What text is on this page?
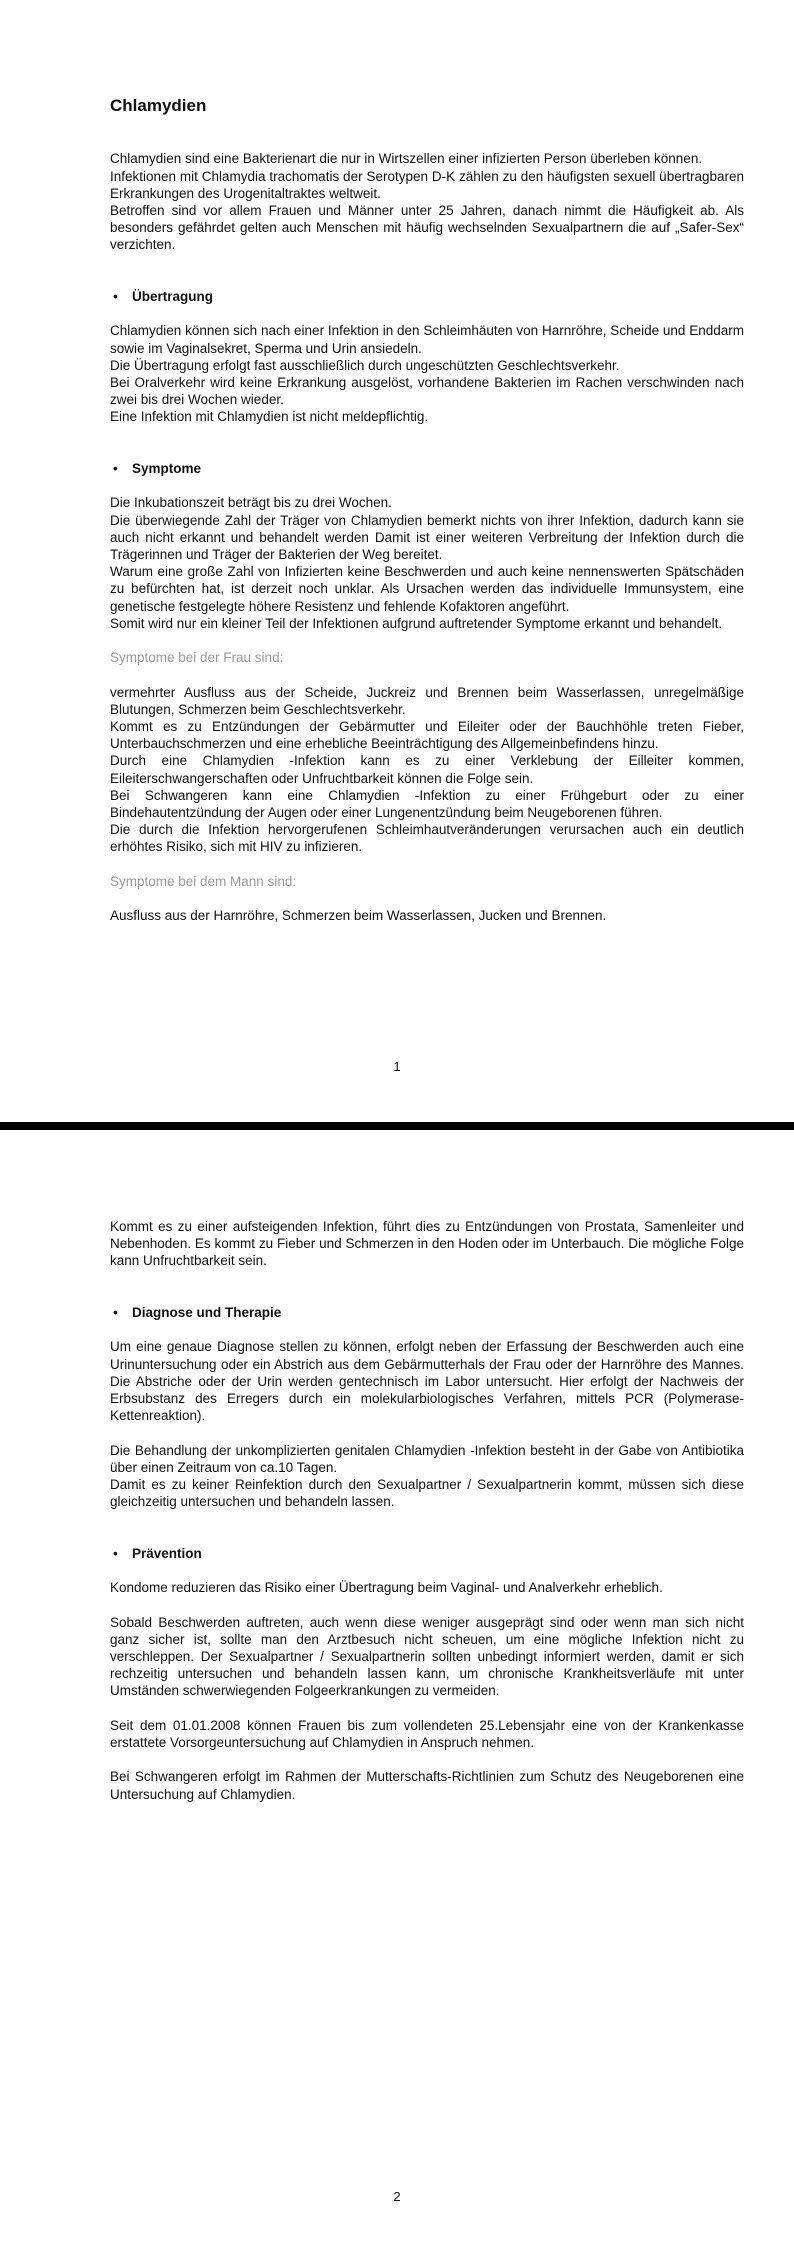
Chlamydien

Chlamydien sind eine Bakterienart die nur in Wirtszellen einer infizierten Person überleben können.

Infektionen mit Chlamydia trachomatis der Serotypen D-K zählen zu den häufigsten sexuell übertragbaren Erkrankungen des Urogenitaltraktes weltweit.

Betroffen sind vor allem Frauen und Männer unter 25 Jahren, danach nimmt die Häufigkeit ab. Als besonders gefährdet gelten auch Menschen mit häufig wechselnden Sexualpartnern die auf „Safer-Sex“ verzichten.

•	Übertragung

Chlamydien können sich nach einer Infektion in den Schleimhäuten von Harnröhre, Scheide und Enddarm sowie im Vaginalsekret, Sperma und Urin ansiedeln.

Die Übertragung erfolgt fast ausschließlich durch ungeschützten Geschlechtsverkehr.

Bei Oralverkehr wird keine Erkrankung ausgelöst, vorhandene Bakterien im Rachen verschwinden nach zwei bis drei Wochen wieder.

Eine Infektion mit Chlamydien ist nicht meldepflichtig.

•	Symptome

Die Inkubationszeit beträgt bis zu drei Wochen.

Die überwiegende Zahl der Träger von Chlamydien bemerkt nichts von ihrer Infektion, dadurch kann sie auch nicht erkannt und behandelt werden Damit ist einer weiteren Verbreitung der Infektion durch die Trägerinnen und Träger der Bakterien der Weg bereitet.

Warum eine große Zahl von Infizierten keine Beschwerden und auch keine nennenswerten Spätschäden zu befürchten hat, ist derzeit noch unklar. Als Ursachen werden das individuelle Immunsystem, eine genetische festgelegte höhere Resistenz und fehlende Kofaktoren angeführt.

Somit wird nur ein kleiner Teil der Infektionen aufgrund auftretender Symptome erkannt und behandelt.

Symptome bei der Frau sind:

vermehrter Ausfluss aus der Scheide, Juckreiz und Brennen beim Wasserlassen, unregelmäßige Blutungen, Schmerzen beim Geschlechtsverkehr.

Kommt es zu Entzündungen der Gebärmutter und Eileiter oder der Bauchhöhle treten Fieber, Unterbauchschmerzen und eine erhebliche Beeinträchtigung des Allgemeinbefindens hinzu.

Durch eine Chlamydien -Infektion kann es zu einer Verklebung der Eilleiter kommen, Eileiterschwangerschaften oder Unfruchtbarkeit können die Folge sein.

Bei Schwangeren kann eine Chlamydien -Infektion zu einer Frühgeburt oder zu einer Bindehautentzündung der Augen oder einer Lungenentzündung beim Neugeborenen führen.

Die durch die Infektion hervorgerufenen Schleimhautveränderungen verursachen auch ein deutlich erhöhtes Risiko, sich mit HIV zu infizieren.

Symptome bei dem Mann sind:

Ausfluss aus der Harnröhre, Schmerzen beim Wasserlassen, Jucken und Brennen.

1

Kommt es zu einer aufsteigenden Infektion, führt dies zu Entzündungen von Prostata, Samenleiter und Nebenhoden. Es kommt zu Fieber und Schmerzen in den Hoden oder im Unterbauch. Die mögliche Folge kann Unfruchtbarkeit sein.

•	Diagnose und Therapie

Um eine genaue Diagnose stellen zu können, erfolgt neben der Erfassung der Beschwerden auch eine Urinuntersuchung oder ein Abstrich aus dem Gebärmutterhals der Frau oder der Harnröhre des Mannes. Die Abstriche oder der Urin werden gentechnisch im Labor untersucht. Hier erfolgt der Nachweis der Erbsubstanz des Erregers durch ein molekularbiologisches Verfahren, mittels PCR (Polymerase-Kettenreaktion).

Die Behandlung der unkomplizierten genitalen Chlamydien -Infektion besteht in der Gabe von Antibiotika über einen Zeitraum von ca.10 Tagen.

Damit es zu keiner Reinfektion durch den Sexualpartner / Sexualpartnerin kommt, müssen sich diese gleichzeitig untersuchen und behandeln lassen.

•	Prävention

Kondome reduzieren das Risiko einer Übertragung beim Vaginal- und Analverkehr erheblich.

Sobald Beschwerden auftreten, auch wenn diese weniger ausgeprägt sind oder wenn man sich nicht ganz sicher ist, sollte man den Arztbesuch nicht scheuen, um eine mögliche Infektion nicht zu verschleppen. Der Sexualpartner / Sexualpartnerin sollten unbedingt informiert werden, damit er sich rechzeitig untersuchen und behandeln lassen kann, um chronische Krankheitsverläufe mit unter Umständen schwerwiegenden Folgeerkrankungen zu vermeiden.

Seit dem 01.01.2008 können Frauen bis zum vollendeten 25.Lebensjahr eine von der Krankenkasse erstattete Vorsorgeuntersuchung auf Chlamydien in Anspruch nehmen.

Bei Schwangeren erfolgt im Rahmen der Mutterschafts-Richtlinien zum Schutz des Neugeborenen eine Untersuchung auf Chlamydien.

2
